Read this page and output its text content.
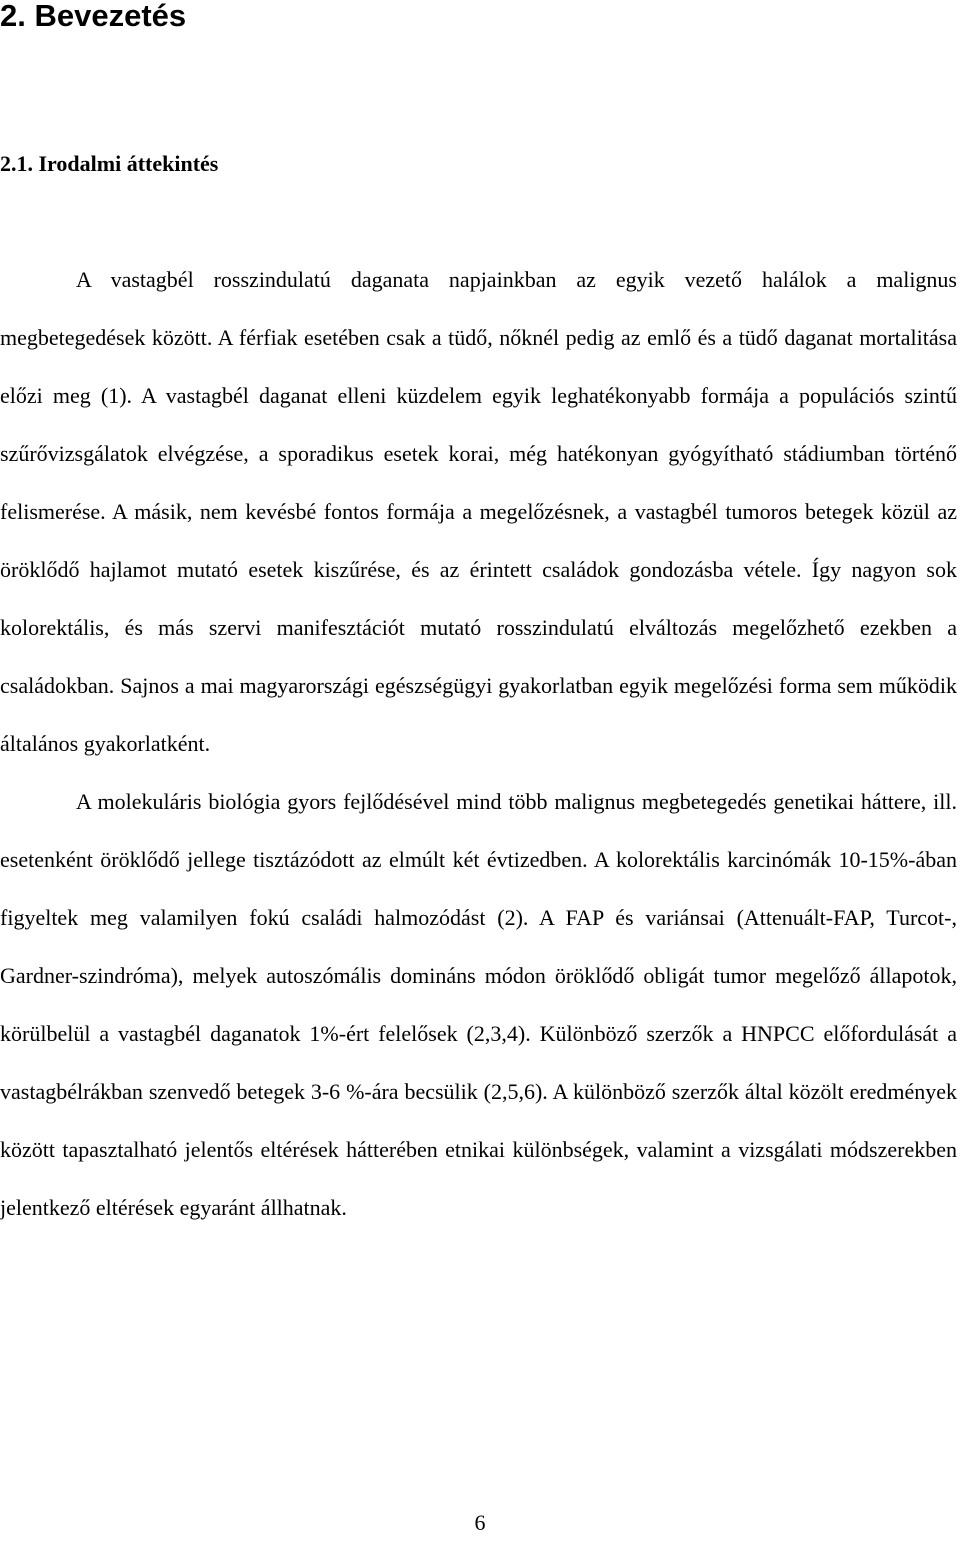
2. Bevezetés
2.1. Irodalmi áttekintés

A vastagbél rosszindulatú daganata napjainkban az egyik vezető halálok a malignus megbetegedések között. A férfiak esetében csak a tüdő, nőknél pedig az emlő és a tüdő daganat mortalitása előzi meg (1). A vastagbél daganat elleni küzdelem egyik leghatékonyabb formája a populációs szintű szűrővizsgálatok elvégzése, a sporadikus esetek korai, még hatékonyan gyógyítható stádiumban történő felismerése. A másik, nem kevésbé fontos formája a megelőzésnek, a vastagbél tumoros betegek közül az öröklődő hajlamot mutató esetek kiszűrése, és az érintett családok gondozásba vétele. Így nagyon sok kolorektális, és más szervi manifesztációt mutató rosszindulatú elváltozás megelőzhető ezekben a családokban. Sajnos a mai magyarországi egészségügyi gyakorlatban egyik megelőzési forma sem működik általános gyakorlatként.

A molekuláris biológia gyors fejlődésével mind több malignus megbetegedés genetikai háttere, ill. esetenként öröklődő jellege tisztázódott az elmúlt két évtizedben. A kolorektális karcinómák 10-15%-ában figyeltek meg valamilyen fokú családi halmozódást (2). A FAP és variánsai (Attenuált-FAP, Turcot-, Gardner-szindróma), melyek autoszómális domináns módon öröklődő obligát tumor megelőző állapotok, körülbelül a vastagbél daganatok 1%-ért felelősek (2,3,4). Különböző szerzők a HNPCC előfordulását a vastagbélrákban szenvedő betegek 3-6 %-ára becsülik (2,5,6). A különböző szerzők által közölt eredmények között tapasztalható jelentős eltérések hátterében etnikai különbségek, valamint a vizsgálati módszerekben jelentkező eltérések egyaránt állhatnak.

6
